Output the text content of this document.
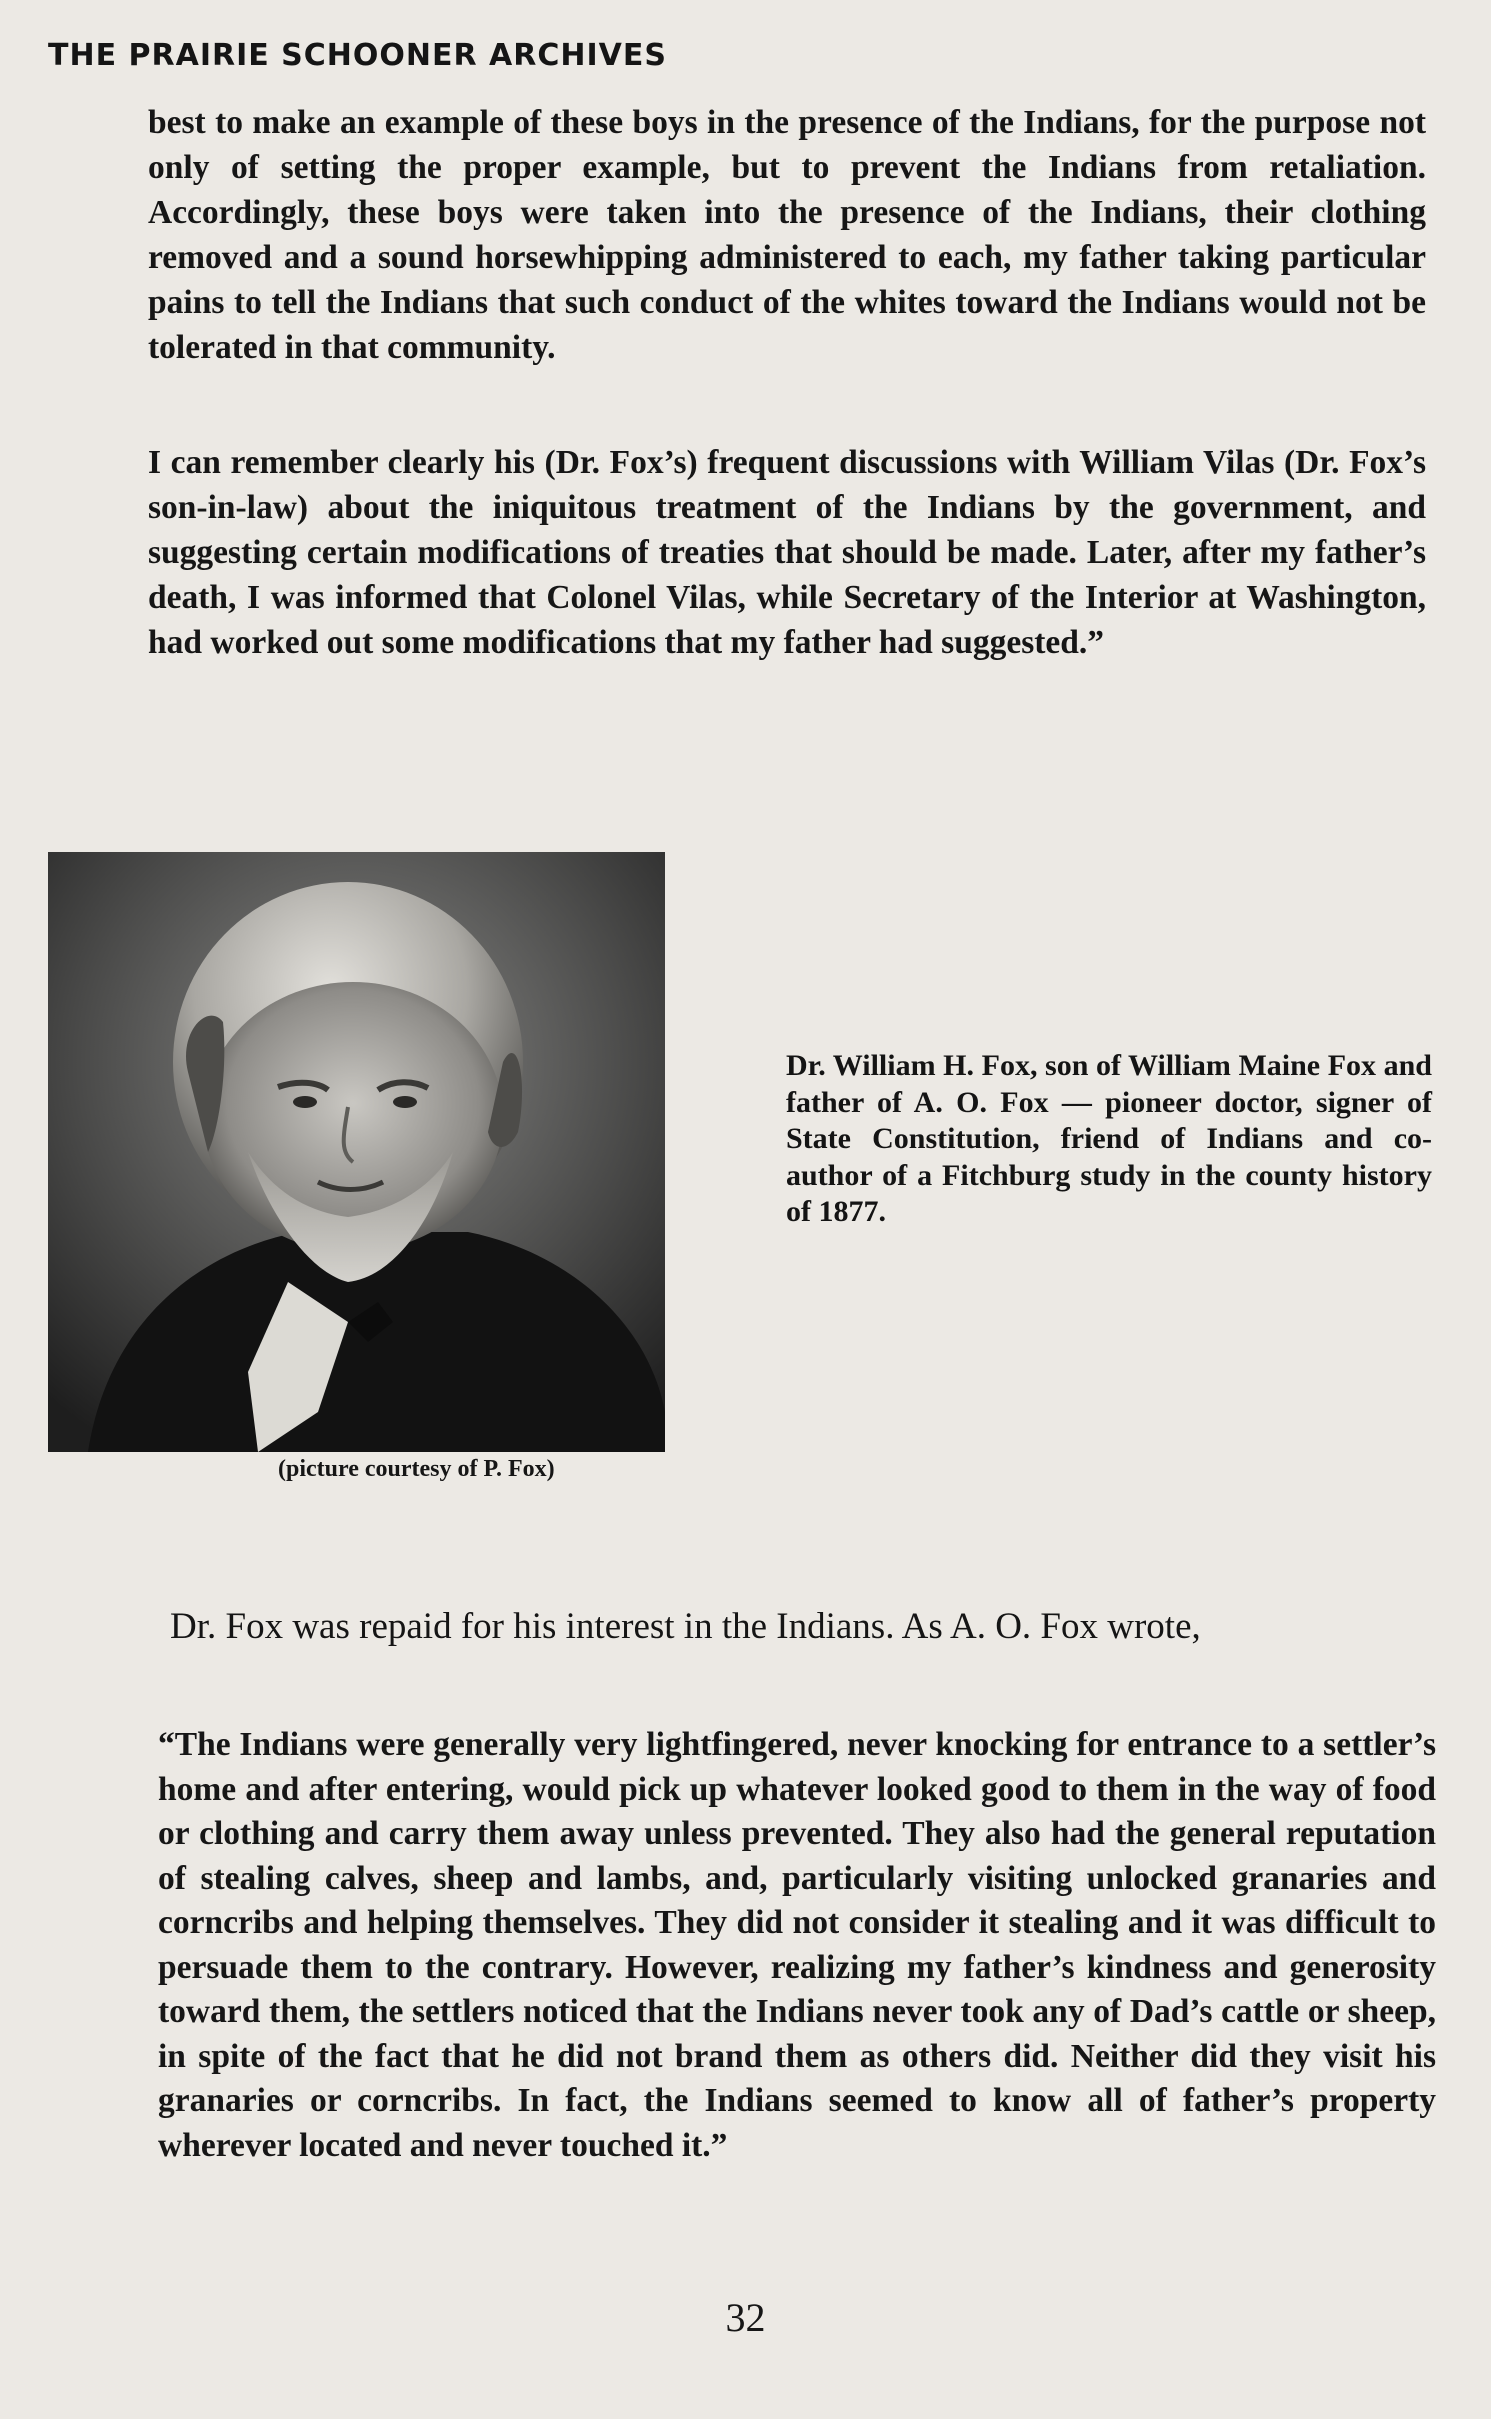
THE PRAIRIE SCHOONER ARCHIVES
best to make an example of these boys in the presence of the Indians, for the purpose not only of setting the proper example, but to prevent the Indians from retaliation. Accordingly, these boys were taken into the presence of the Indians, their clothing removed and a sound horsewhipping administered to each, my father taking particular pains to tell the Indians that such conduct of the whites toward the Indians would not be tolerated in that community.
I can remember clearly his (Dr. Fox’s) frequent discussions with William Vilas (Dr. Fox’s son-in-law) about the iniquitous treatment of the Indians by the government, and suggesting certain modifications of treaties that should be made. Later, after my father’s death, I was informed that Colonel Vilas, while Secretary of the Interior at Washington, had worked out some modifications that my father had suggested.”
(picture courtesy of P. Fox)
Dr. William H. Fox, son of William Maine Fox and father of A. O. Fox — pioneer doctor, signer of State Constitution, friend of Indians and co-author of a Fitchburg study in the county history of 1877.
Dr. Fox was repaid for his interest in the Indians. As A. O. Fox wrote,
“The Indians were generally very lightfingered, never knocking for entrance to a settler’s home and after entering, would pick up whatever looked good to them in the way of food or clothing and carry them away unless prevented. They also had the general reputation of stealing calves, sheep and lambs, and, particularly visiting unlocked granaries and corncribs and helping themselves. They did not consider it stealing and it was difficult to persuade them to the contrary. However, realizing my father’s kindness and generosity toward them, the settlers noticed that the Indians never took any of Dad’s cattle or sheep, in spite of the fact that he did not brand them as others did. Neither did they visit his granaries or corncribs. In fact, the Indians seemed to know all of father’s property wherever located and never touched it.”
32
